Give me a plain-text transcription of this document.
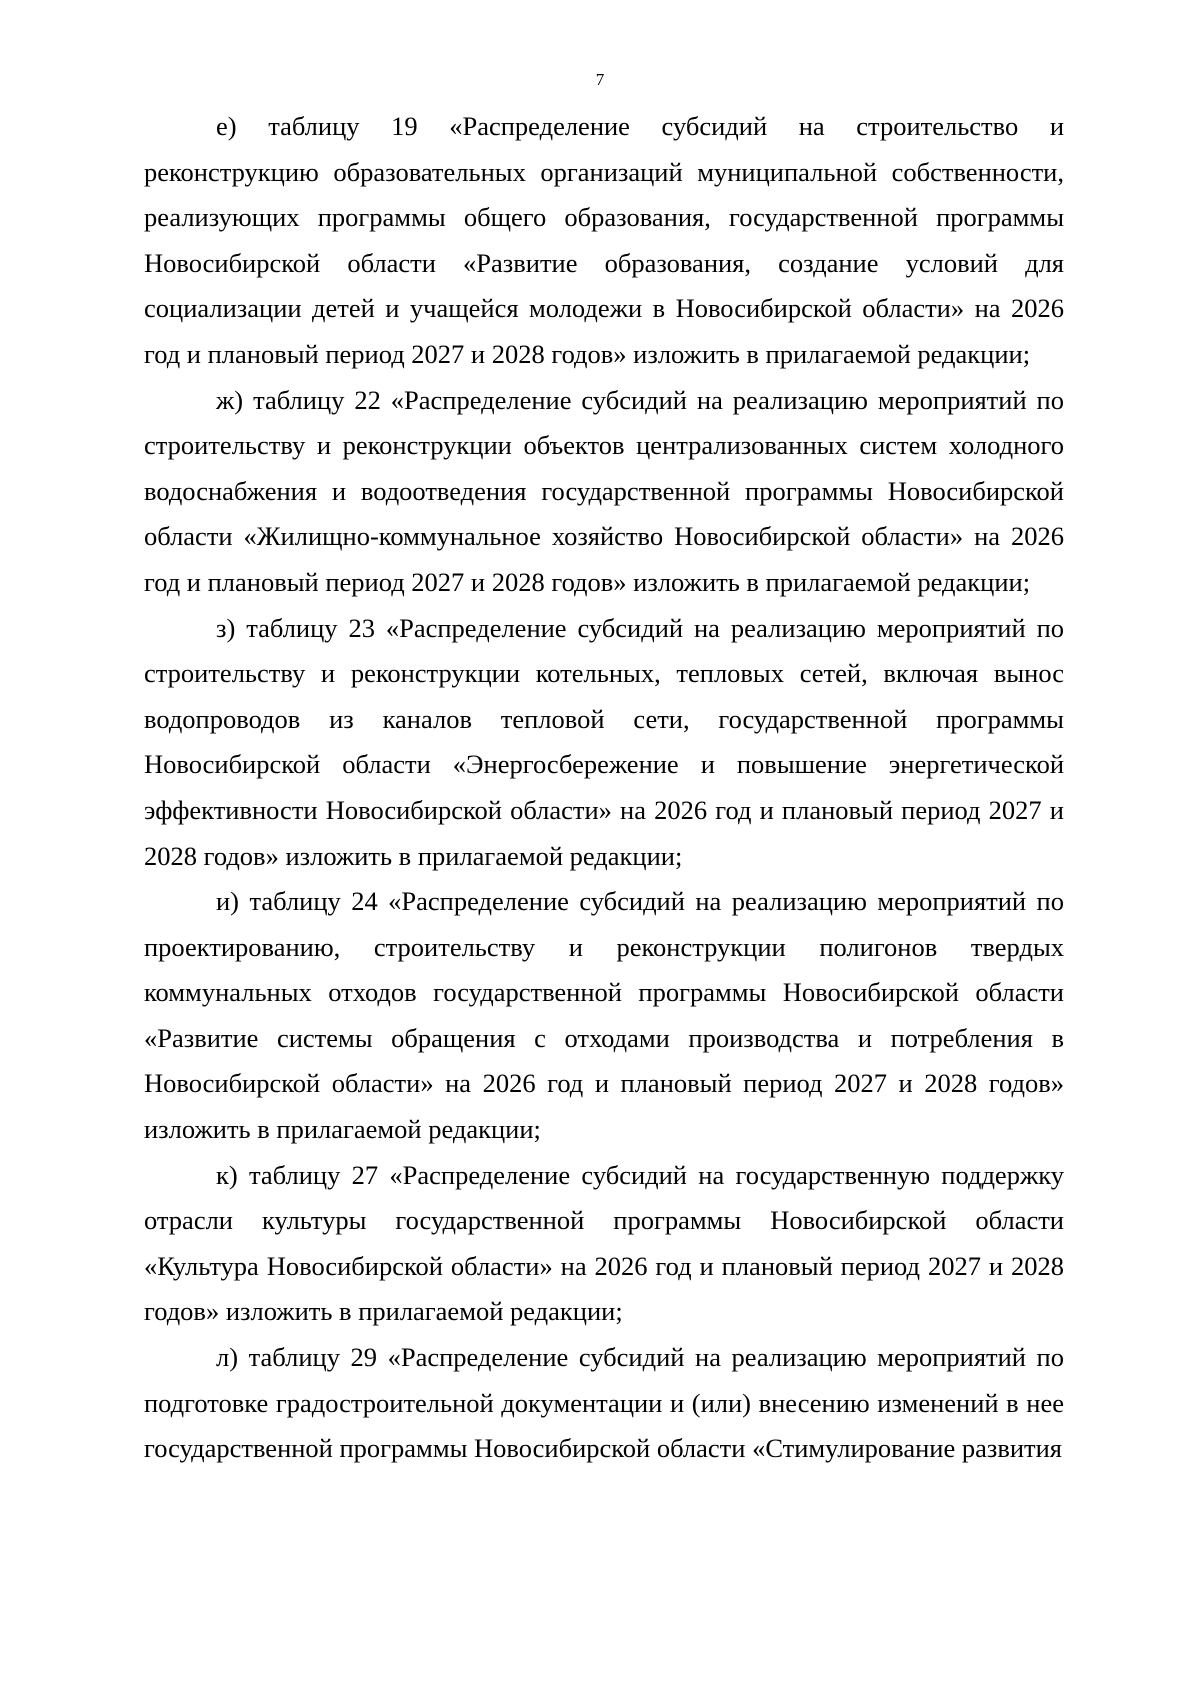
7

е) таблицу 19 «Распределение субсидий на строительство и реконструкцию образовательных организаций муниципальной собственности, реализующих программы общего образования, государственной программы Новосибирской области «Развитие образования, создание условий для социализации детей и учащейся молодежи в Новосибирской области» на 2026 год и плановый период 2027 и 2028 годов» изложить в прилагаемой редакции;

ж) таблицу 22 «Распределение субсидий на реализацию мероприятий по строительству и реконструкции объектов централизованных систем холодного водоснабжения и водоотведения государственной программы Новосибирской области «Жилищно-коммунальное хозяйство Новосибирской области» на 2026 год и плановый период 2027 и 2028 годов» изложить в прилагаемой редакции;

з) таблицу 23 «Распределение субсидий на реализацию мероприятий по строительству и реконструкции котельных, тепловых сетей, включая вынос водопроводов из каналов тепловой сети, государственной программы Новосибирской области «Энергосбережение и повышение энергетической эффективности Новосибирской области» на 2026 год и плановый период 2027 и 2028 годов» изложить в прилагаемой редакции;

и) таблицу 24 «Распределение субсидий на реализацию мероприятий по проектированию, строительству и реконструкции полигонов твердых коммунальных отходов государственной программы Новосибирской области «Развитие системы обращения с отходами производства и потребления в Новосибирской области» на 2026 год и плановый период 2027 и 2028 годов» изложить в прилагаемой редакции;

к) таблицу 27 «Распределение субсидий на государственную поддержку отрасли культуры государственной программы Новосибирской области «Культура Новосибирской области» на 2026 год и плановый период 2027 и 2028 годов» изложить в прилагаемой редакции;

л) таблицу 29 «Распределение субсидий на реализацию мероприятий по подготовке градостроительной документации и (или) внесению изменений в нее государственной программы Новосибирской области «Стимулирование развития
